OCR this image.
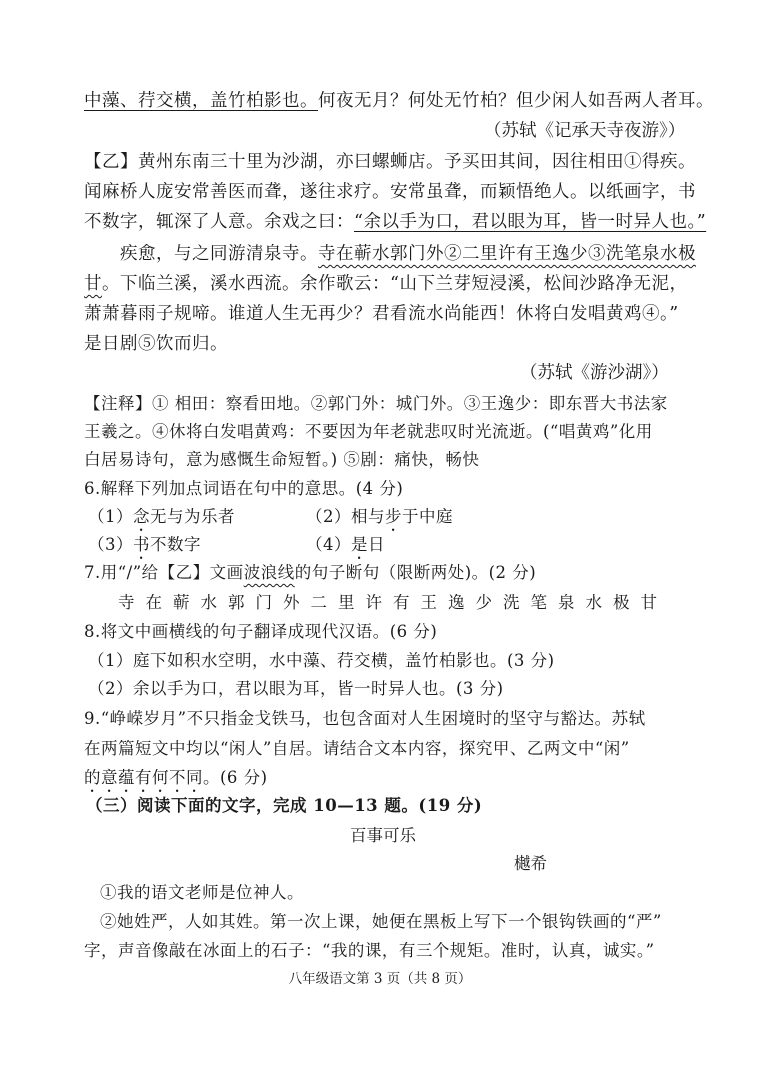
中藻、荇交横，盖竹柏影也。何夜无月？何处无竹柏？但少闲人如吾两人者耳。
（苏轼《记承天寺夜游》）
【乙】黄州东南三十里为沙湖，亦曰螺蛳店。予买田其间，因往相田①得疾。
闻麻桥人庞安常善医而聋，遂往求疗。安常虽聋，而颖悟绝人。以纸画字，书
不数字，辄深了人意。余戏之曰：“余以手为口，君以眼为耳，皆一时异人也。”
疾愈，与之同游清泉寺。寺在蕲水郭门外②二里许有王逸少③洗笔泉水极
甘。下临兰溪，溪水西流。余作歌云：“山下兰芽短浸溪，松间沙路净无泥，
萧萧暮雨子规啼。谁道人生无再少？君看流水尚能西！休将白发唱黄鸡④。”
是日剧⑤饮而归。
（苏轼《游沙湖》）
【注释】① 相田：察看田地。②郭门外：城门外。③王逸少：即东晋大书法家
王羲之。④休将白发唱黄鸡：不要因为年老就悲叹时光流逝。(“唱黄鸡”化用
白居易诗句，意为感慨生命短暂。) ⑤剧：痛快，畅快
6.解释下列加点词语在句中的意思。(4 分)
（1）念无与为乐者	（2）相与步于中庭
（3）书不数字	（4）是日
7.用“/”给【乙】文画波浪线的句子断句（限断两处)。(2 分)
寺在蕲水郭门外二里许有王逸少洗笔泉水极甘
8.将文中画横线的句子翻译成现代汉语。(6 分)
（1）庭下如积水空明，水中藻、荇交横，盖竹柏影也。(3 分)
（2）余以手为口，君以眼为耳，皆一时异人也。(3 分)
9.“峥嵘岁月”不只指金戈铁马，也包含面对人生困境时的坚守与豁达。苏轼
在两篇短文中均以“闲人”自居。请结合文本内容，探究甲、乙两文中“闲”
的意蕴有何不同。(6 分)
（三）阅读下面的文字，完成 10—13 题。(19 分)
百事可乐
樾希
①我的语文老师是位神人。
②她姓严，人如其姓。第一次上课，她便在黑板上写下一个银钩铁画的“严”
字，声音像敲在冰面上的石子：“我的课，有三个规矩。准时，认真，诚实。”
八年级语文第 3 页（共 8 页）
